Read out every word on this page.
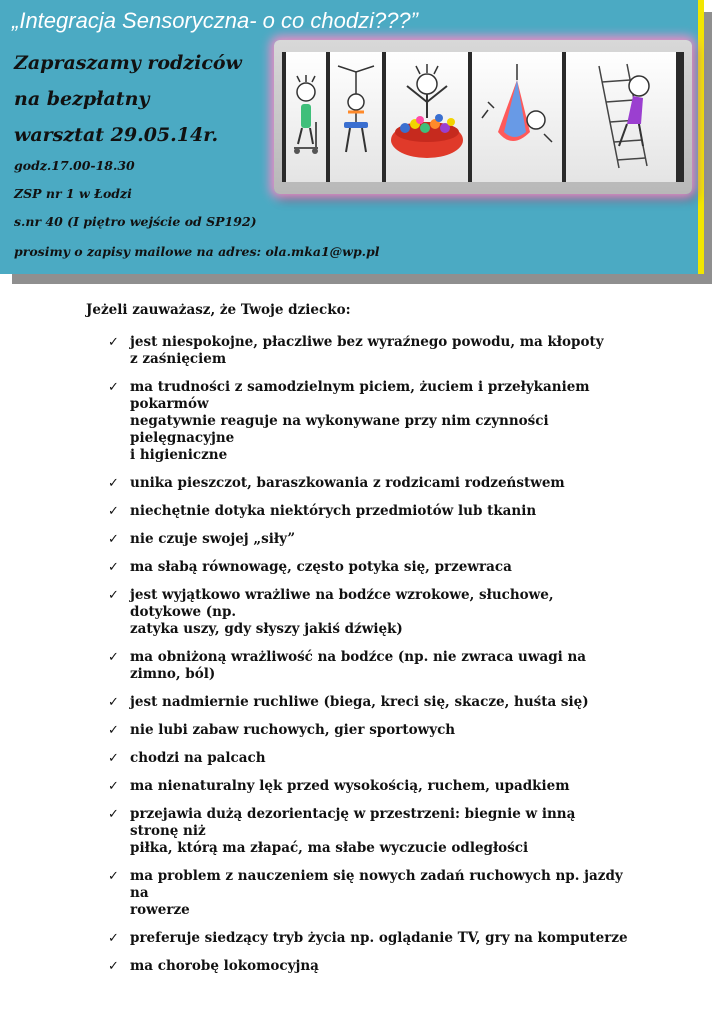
„Integracja Sensoryczna- o co chodzi???”

Zapraszamy rodziców

na bezpłatny

warsztat 29.05.14r.

godz.17.00-18.30

ZSP nr 1 w Łodzi

s.nr 40 (I piętro wejście od SP192)

prosimy o zapisy mailowe na adres: ola.mka1@wp.pl

Jeżeli zauważasz, że Twoje dziecko:

✓ jest niespokojne, płaczliwe bez wyraźnego powodu, ma kłopoty
z zaśnięciem
✓ ma trudności z samodzielnym piciem, żuciem i przełykaniem pokarmów
negatywnie reaguje na wykonywane przy nim czynności pielęgnacyjne
i higieniczne
✓ unika pieszczot, baraszkowania z rodzicami rodzeństwem
✓ niechętnie dotyka niektórych przedmiotów lub tkanin
✓ nie czuje swojej „siły”
✓ ma słabą równowagę, często potyka się, przewraca
✓ jest wyjątkowo wrażliwe na bodźce wzrokowe, słuchowe, dotykowe (np.
zatyka uszy, gdy słyszy jakiś dźwięk)
✓ ma obniżoną wrażliwość na bodźce (np. nie zwraca uwagi na zimno, ból)
✓ jest nadmiernie ruchliwe (biega, kreci się, skacze, huśta się)
✓ nie lubi zabaw ruchowych, gier sportowych
✓ chodzi na palcach
✓ ma nienaturalny lęk przed wysokością, ruchem, upadkiem
✓ przejawia dużą dezorientację w przestrzeni: biegnie w inną stronę niż
piłka, którą ma złapać, ma słabe wyczucie odległości
✓ ma problem z nauczeniem się nowych zadań ruchowych np. jazdy na
rowerze
✓ preferuje siedzący tryb życia np. oglądanie TV, gry na komputerze
✓ ma chorobę lokomocyjną
